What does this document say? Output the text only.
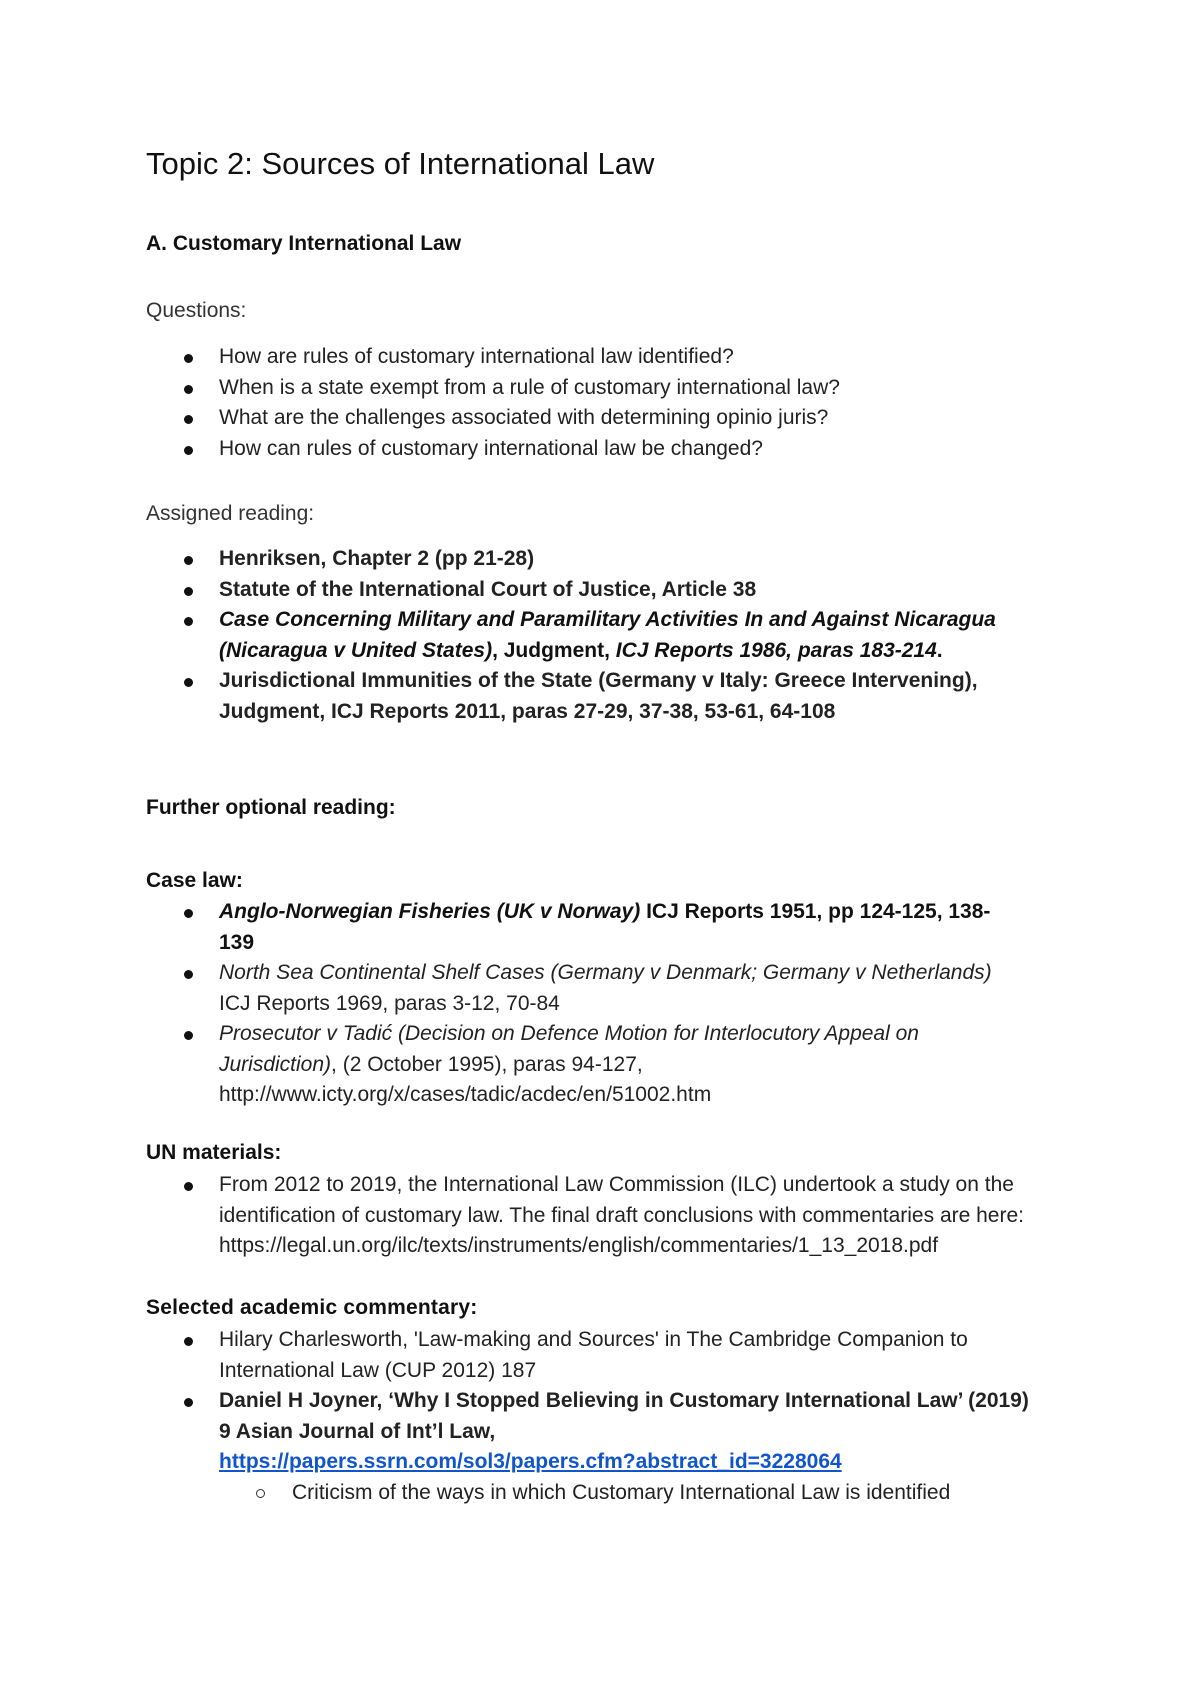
Topic 2: Sources of International Law
A. Customary International Law
Questions:
How are rules of customary international law identified?
When is a state exempt from a rule of customary international law?
What are the challenges associated with determining opinio juris?
How can rules of customary international law be changed?
Assigned reading:
Henriksen, Chapter 2 (pp 21-28)
Statute of the International Court of Justice, Article 38
Case Concerning Military and Paramilitary Activities In and Against Nicaragua (Nicaragua v United States), Judgment, ICJ Reports 1986, paras 183-214.
Jurisdictional Immunities of the State (Germany v Italy: Greece Intervening), Judgment, ICJ Reports 2011, paras 27-29, 37-38, 53-61, 64-108
Further optional reading:
Case law:
Anglo-Norwegian Fisheries (UK v Norway) ICJ Reports 1951, pp 124-125, 138-139
North Sea Continental Shelf Cases (Germany v Denmark; Germany v Netherlands)
ICJ Reports 1969, paras 3-12, 70-84
Prosecutor v Tadić (Decision on Defence Motion for Interlocutory Appeal on Jurisdiction), (2 October 1995), paras 94-127,
http://www.icty.org/x/cases/tadic/acdec/en/51002.htm
UN materials:
From 2012 to 2019, the International Law Commission (ILC) undertook a study on the identification of customary law. The final draft conclusions with commentaries are here: https://legal.un.org/ilc/texts/instruments/english/commentaries/1_13_2018.pdf
Selected academic commentary:
Hilary Charlesworth, 'Law-making and Sources' in The Cambridge Companion to International Law (CUP 2012) 187
Daniel H Joyner, ‘Why I Stopped Believing in Customary International Law’ (2019) 9 Asian Journal of Int’l Law,
https://papers.ssrn.com/sol3/papers.cfm?abstract_id=3228064
Criticism of the ways in which Customary International Law is identified
